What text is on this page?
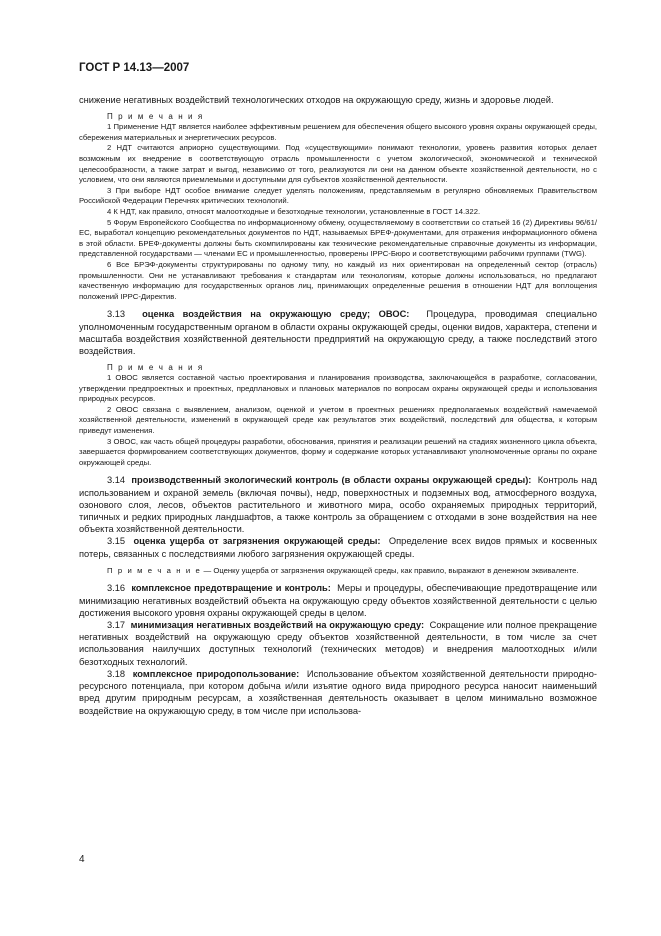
ГОСТ Р 14.13—2007

снижение негативных воздействий технологических отходов на окружающую среду, жизнь и здоровье людей.

П р и м е ч а н и я

1 Применение НДТ является наиболее эффективным решением для обеспечения общего высокого уровня охраны окружающей среды, сбережения материальных и энергетических ресурсов.

2 НДТ считаются априорно существующими. Под «существующими» понимают технологии, уровень развития которых делает возможным их внедрение в соответствующую отрасль промышленности с учетом экологической, экономической и технической целесообразности, а также затрат и выгод, независимо от того, реализуются ли они на данном объекте хозяйственной деятельности, но с условием, что они являются приемлемыми и доступными для субъектов хозяйственной деятельности.

3 При выборе НДТ особое внимание следует уделять положениям, представляемым в регулярно обновляемых Правительством Российской Федерации Перечнях критических технологий.

4 К НДТ, как правило, относят малоотходные и безотходные технологии, установленные в ГОСТ 14.322.

5 Форум Европейского Сообщества по информационному обмену, осуществляемому в соответствии со статьей 16 (2) Директивы 96/61/ЕС, выработал концепцию рекомендательных документов по НДТ, называемых БРЕФ-документами, для отражения информационного обмена в этой области. БРЕФ-документы должны быть скомпилированы как технические рекомендательные справочные документы из информации, представленной государствами — членами ЕС и промышленностью, проверены IPPC-Бюро и соответствующими рабочими группами (TWG).

6 Все БРЭФ-документы структурированы по одному типу, но каждый из них ориентирован на определенный сектор (отрасль) промышленности. Они не устанавливают требования к стандартам или технологиям, которые должны использоваться, но предлагают качественную информацию для государственных органов лиц, принимающих определенные решения в отношении НДТ для воплощения положений IPPC-Директив.

3.13 оценка воздействия на окружающую среду; ОВОС: Процедура, проводимая специально уполномоченным государственным органом в области охраны окружающей среды, оценки видов, характера, степени и масштаба воздействия хозяйственной деятельности предприятий на окружающую среду, а также последствий этого воздействия.

П р и м е ч а н и я

1 ОВОС является составной частью проектирования и планирования производства, заключающейся в разработке, согласовании, утверждении предпроектных и проектных, предплановых и плановых материалов по вопросам охраны окружающей среды и использования природных ресурсов.

2 ОВОС связана с выявлением, анализом, оценкой и учетом в проектных решениях предполагаемых воздействий намечаемой хозяйственной деятельности, изменений в окружающей среде как результатов этих воздействий, последствий для общества, к которым приведут изменения.

3 ОВОС, как часть общей процедуры разработки, обоснования, принятия и реализации решений на стадиях жизненного цикла объекта, завершается формированием соответствующих документов, форму и содержание которых устанавливают уполномоченные органы по охране окружающей среды.

3.14 производственный экологический контроль (в области охраны окружающей среды): Контроль над использованием и охраной земель (включая почвы), недр, поверхностных и подземных вод, атмосферного воздуха, озонового слоя, лесов, объектов растительного и животного мира, особо охраняемых природных территорий, типичных и редких природных ландшафтов, а также контроль за обращением с отходами в зоне воздействия на нее объекта хозяйственной деятельности.

3.15 оценка ущерба от загрязнения окружающей среды: Определение всех видов прямых и косвенных потерь, связанных с последствиями любого загрязнения окружающей среды.

П р и м е ч а н и е — Оценку ущерба от загрязнения окружающей среды, как правило, выражают в денежном эквиваленте.

3.16 комплексное предотвращение и контроль: Меры и процедуры, обеспечивающие предотвращение или минимизацию негативных воздействий объекта на окружающую среду объектов хозяйственной деятельности с целью достижения высокого уровня охраны окружающей среды в целом.

3.17 минимизация негативных воздействий на окружающую среду: Сокращение или полное прекращение негативных воздействий на окружающую среду объектов хозяйственной деятельности, в том числе за счет использования наилучших доступных технологий (технических методов) и внедрения малоотходных и/или безотходных технологий.

3.18 комплексное природопользование: Использование объектом хозяйственной деятельности природно-ресурсного потенциала, при котором добыча и/или изъятие одного вида природного ресурса наносит наименьший вред другим природным ресурсам, а хозяйственная деятельность оказывает в целом минимально возможное воздействие на окружающую среду, в том числе при использова-

4
